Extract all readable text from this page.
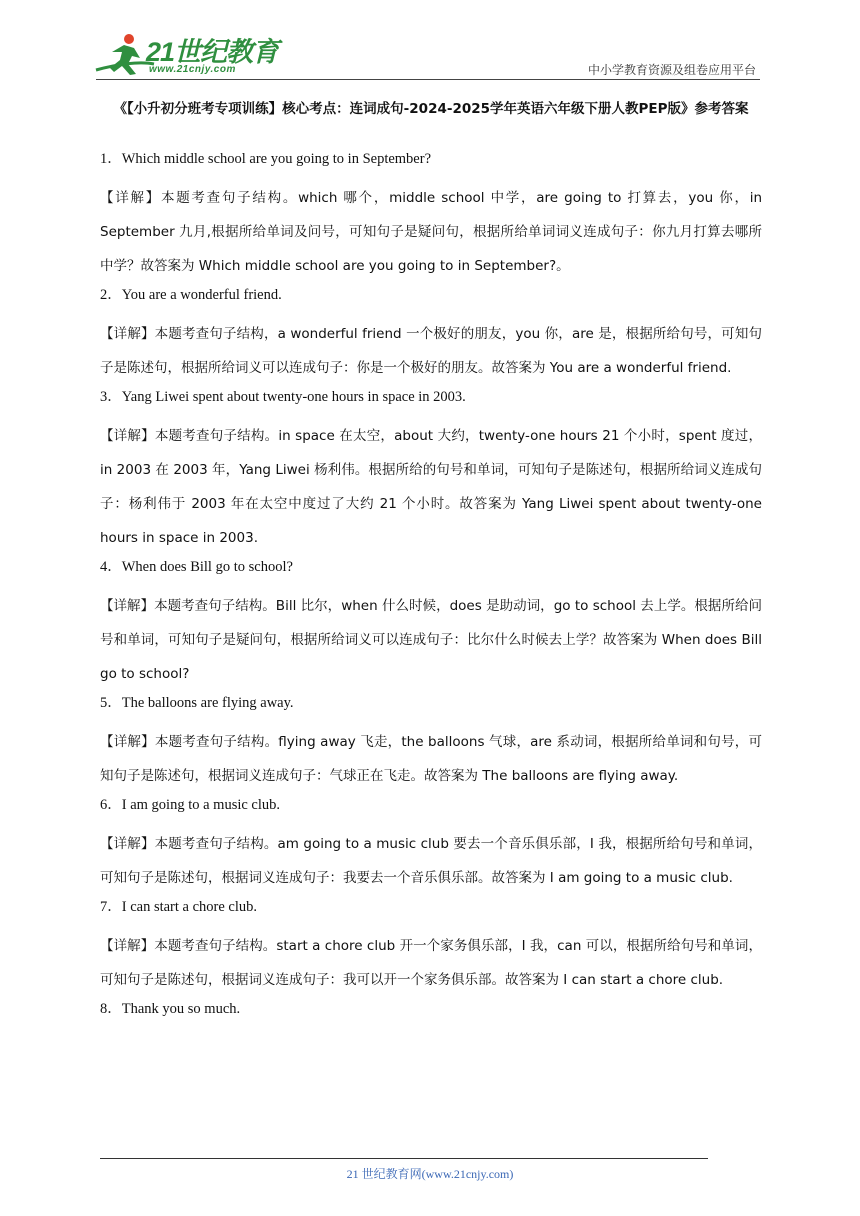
21世纪教育
www.21cnjy.com	中小学教育资源及组卷应用平台
《【小升初分班考专项训练】核心考点：连词成句-2024-2025学年英语六年级下册人教PEP版》参考答案
1．Which middle school are you going to in September?
【详解】本题考查句子结构。which 哪个，middle school 中学，are going to 打算去，you 你，in September 九月,根据所给单词及问号，可知句子是疑问句，根据所给单词词义连成句子：你九月打算去哪所中学？故答案为 Which middle school are you going to in September?。
2．You are a wonderful friend.
【详解】本题考查句子结构，a wonderful friend 一个极好的朋友，you 你，are 是，根据所给句号，可知句子是陈述句，根据所给词义可以连成句子：你是一个极好的朋友。故答案为 You are a wonderful friend.
3．Yang Liwei spent about twenty-one hours in space in 2003.
【详解】本题考查句子结构。in space 在太空，about 大约，twenty-one hours 21 个小时，spent 度过，in 2003 在 2003 年，Yang Liwei 杨利伟。根据所给的句号和单词，可知句子是陈述句，根据所给词义连成句子：杨利伟于 2003 年在太空中度过了大约 21 个小时。故答案为 Yang Liwei spent about twenty-one hours in space in 2003.
4．When does Bill go to school?
【详解】本题考查句子结构。Bill 比尔，when 什么时候，does 是助动词，go to school 去上学。根据所给问号和单词，可知句子是疑问句，根据所给词义可以连成句子：比尔什么时候去上学？故答案为 When does Bill go to school?
5．The balloons are flying away.
【详解】本题考查句子结构。flying away 飞走，the balloons 气球，are 系动词，根据所给单词和句号，可知句子是陈述句，根据词义连成句子：气球正在飞走。故答案为 The balloons are flying away.
6．I am going to a music club.
【详解】本题考查句子结构。am going to a music club 要去一个音乐俱乐部，I 我，根据所给句号和单词，可知句子是陈述句，根据词义连成句子：我要去一个音乐俱乐部。故答案为 I am going to a music club.
7．I can start a chore club.
【详解】本题考查句子结构。start a chore club 开一个家务俱乐部，I 我，can 可以，根据所给句号和单词，可知句子是陈述句，根据词义连成句子：我可以开一个家务俱乐部。故答案为 I can start a chore club.
8．Thank you so much.
21 世纪教育网(www.21cnjy.com)
